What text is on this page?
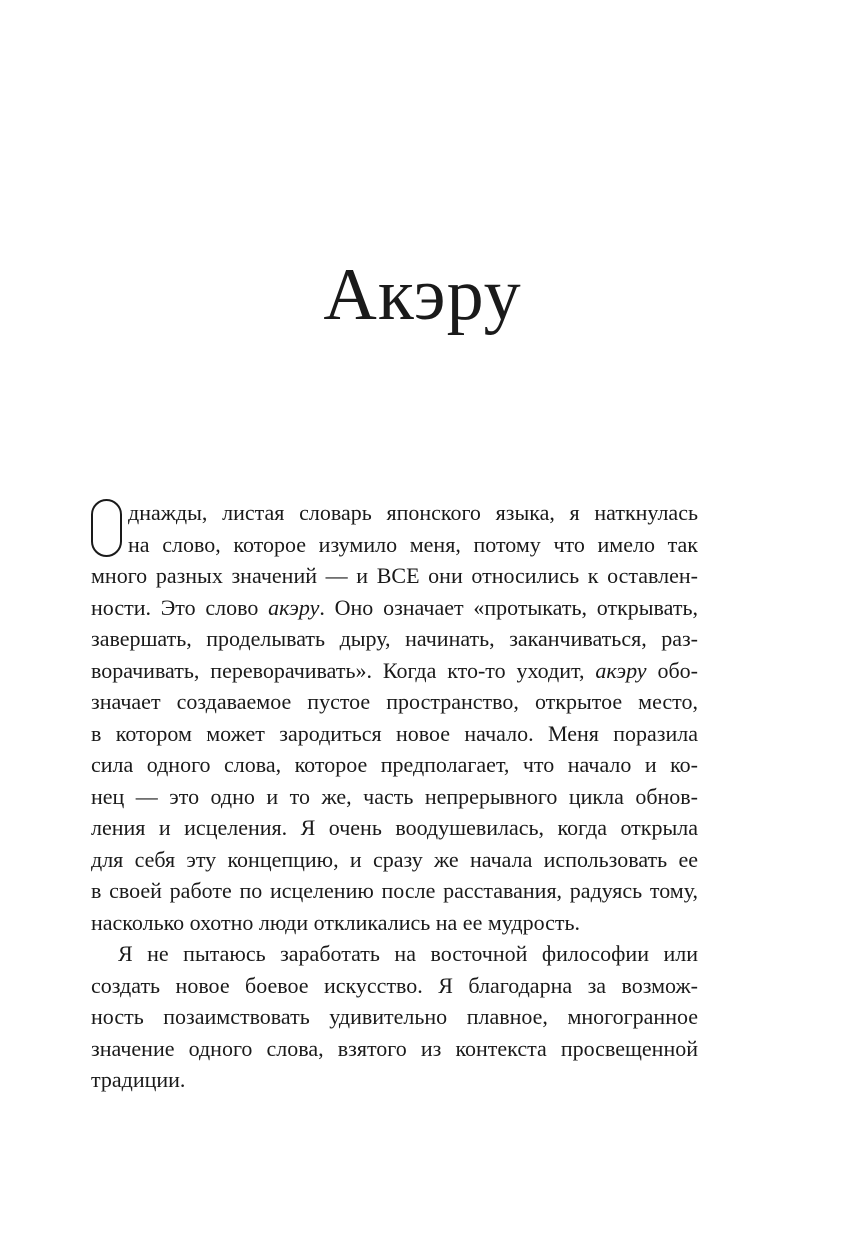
Акэру
днажды, листая словарь японского языка, я наткнулась
на слово, которое изумило меня, потому что имело так
много разных значений — и ВСЕ они относились к оставлен-
ности. Это слово акэру. Оно означает «протыкать, открывать,
завершать, проделывать дыру, начинать, заканчиваться, раз-
ворачивать, переворачивать». Когда кто-то уходит, акэру обо-
значает создаваемое пустое пространство, открытое место,
в котором может зародиться новое начало. Меня поразила
сила одного слова, которое предполагает, что начало и ко-
нец — это одно и то же, часть непрерывного цикла обнов-
ления и исцеления. Я очень воодушевилась, когда открыла
для себя эту концепцию, и сразу же начала использовать ее
в своей работе по исцелению после расставания, радуясь тому,
насколько охотно люди откликались на ее мудрость.
Я не пытаюсь заработать на восточной философии или
создать новое боевое искусство. Я благодарна за возмож-
ность позаимствовать удивительно плавное, многогранное
значение одного слова, взятого из контекста просвещенной
традиции.
